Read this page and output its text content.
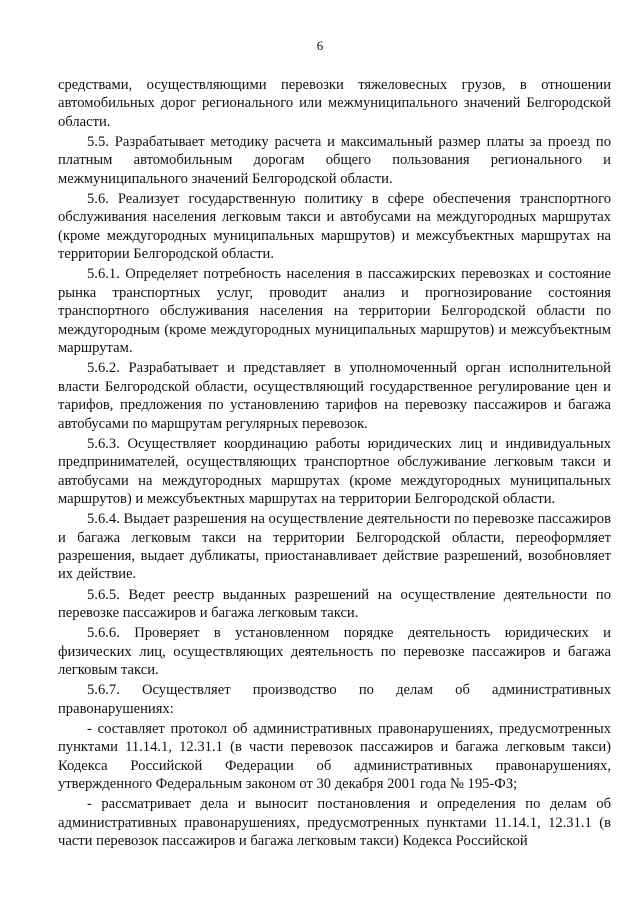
6

средствами, осуществляющими перевозки тяжеловесных грузов, в отношении автомобильных дорог регионального или межмуниципального значений Белгородской области.

5.5. Разрабатывает методику расчета и максимальный размер платы за проезд по платным автомобильным дорогам общего пользования регионального и межмуниципального значений Белгородской области.

5.6. Реализует государственную политику в сфере обеспечения транспортного обслуживания населения легковым такси и автобусами на междугородных маршрутах (кроме междугородных муниципальных маршрутов) и межсубъектных маршрутах на территории Белгородской области.

5.6.1. Определяет потребность населения в пассажирских перевозках и состояние рынка транспортных услуг, проводит анализ и прогнозирование состояния транспортного обслуживания населения на территории Белгородской области по междугородным (кроме междугородных муниципальных маршрутов) и межсубъектным маршрутам.

5.6.2. Разрабатывает и представляет в уполномоченный орган исполнительной власти Белгородской области, осуществляющий государственное регулирование цен и тарифов, предложения по установлению тарифов на перевозку пассажиров и багажа автобусами по маршрутам регулярных перевозок.

5.6.3. Осуществляет координацию работы юридических лиц и индивидуальных предпринимателей, осуществляющих транспортное обслуживание легковым такси и автобусами на междугородных маршрутах (кроме междугородных муниципальных маршрутов) и межсубъектных маршрутах на территории Белгородской области.

5.6.4. Выдает разрешения на осуществление деятельности по перевозке пассажиров и багажа легковым такси на территории Белгородской области, переоформляет разрешения, выдает дубликаты, приостанавливает действие разрешений, возобновляет их действие.

5.6.5. Ведет реестр выданных разрешений на осуществление деятельности по перевозке пассажиров и багажа легковым такси.

5.6.6. Проверяет в установленном порядке деятельность юридических и физических лиц, осуществляющих деятельность по перевозке пассажиров и багажа легковым такси.

5.6.7. Осуществляет производство по делам об административных правонарушениях:

- составляет протокол об административных правонарушениях, предусмотренных пунктами 11.14.1, 12.31.1 (в части перевозок пассажиров и багажа легковым такси) Кодекса Российской Федерации об административных правонарушениях, утвержденного Федеральным законом от 30 декабря 2001 года № 195-ФЗ;

- рассматривает дела и выносит постановления и определения по делам об административных правонарушениях, предусмотренных пунктами 11.14.1, 12.31.1 (в части перевозок пассажиров и багажа легковым такси) Кодекса Российской
